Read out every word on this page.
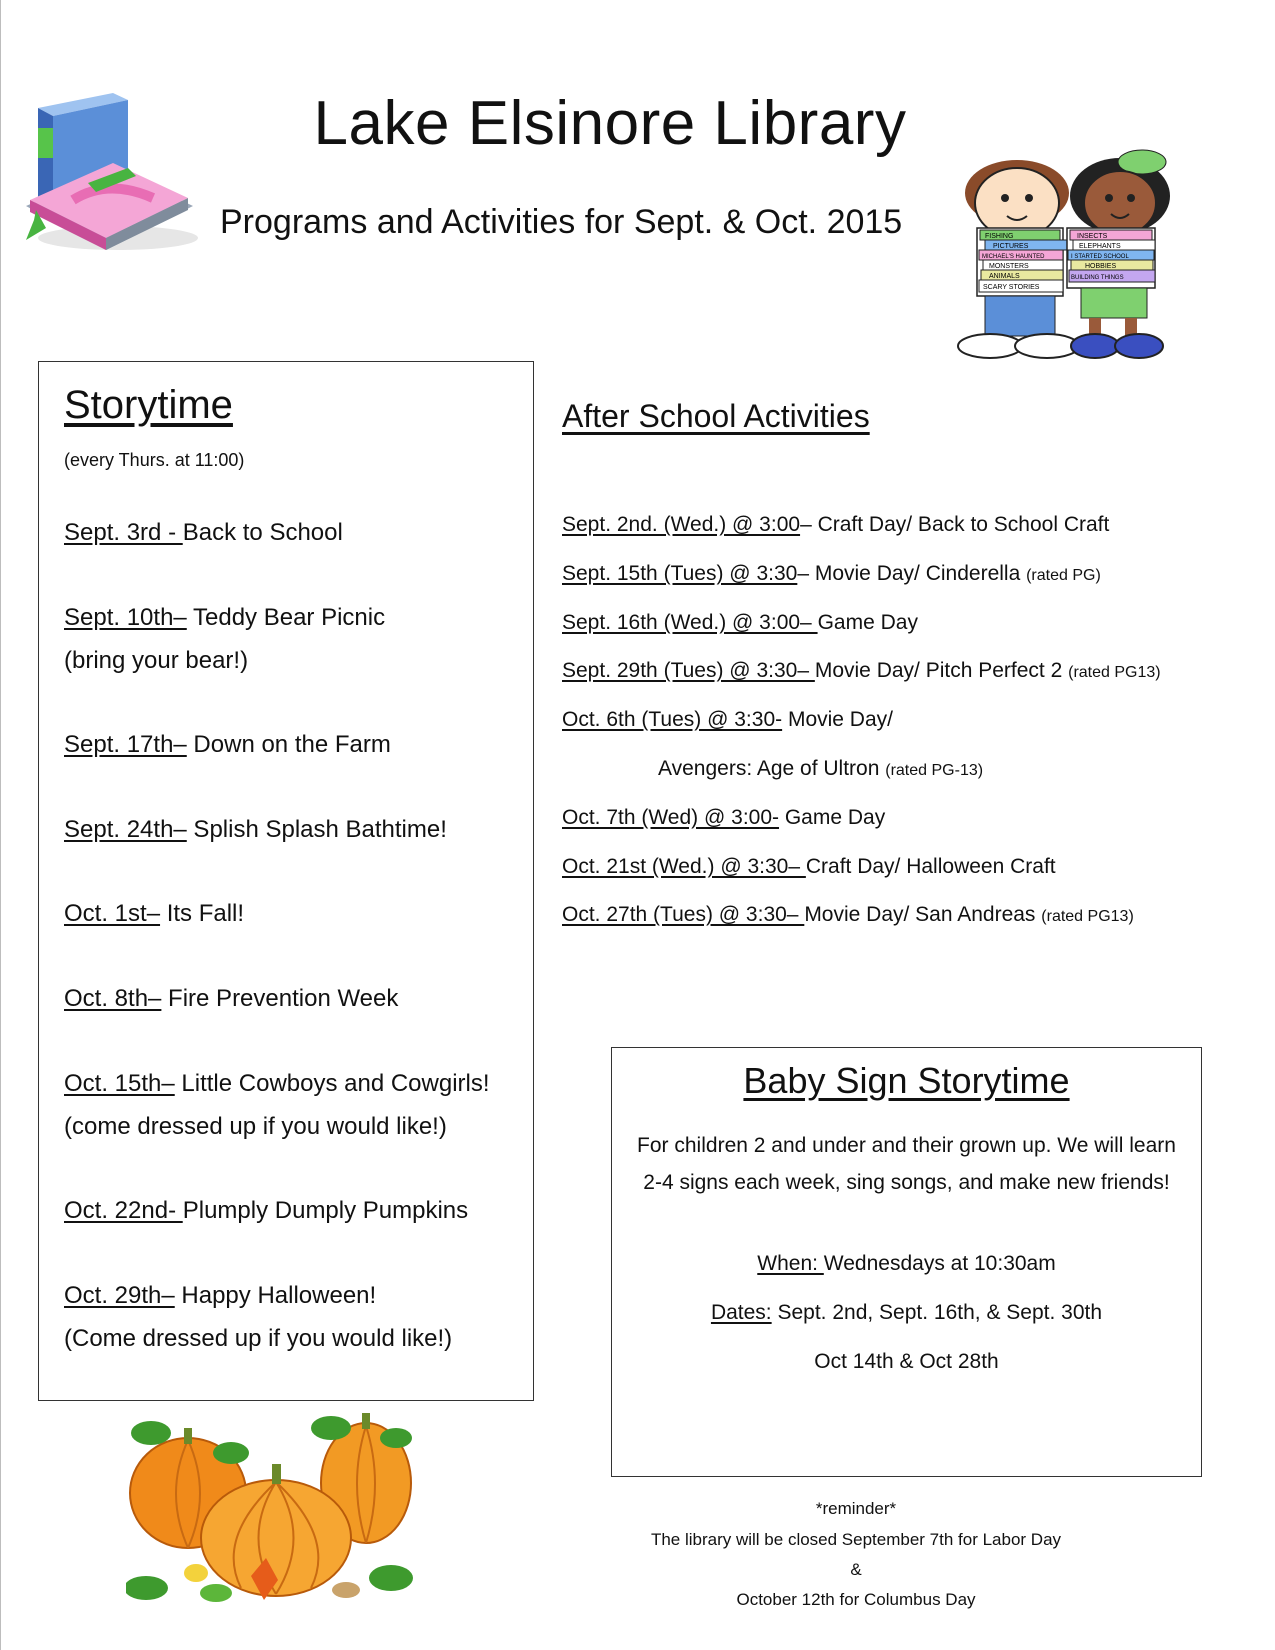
Lake Elsinore Library
Programs and Activities for Sept. & Oct. 2015	FISHING
PICTURES
MICHAEL'S HAUNTED
MONSTERS
ANIMALS
SCARY STORIES
INSECTS
ELEPHANTS
I STARTED SCHOOL
HOBBIES
BUILDING THINGS
Storytime
(every Thurs. at 11:00)
Sept. 3rd - Back to School
Sept. 10th– Teddy Bear Picnic
(bring your bear!)
Sept. 17th– Down on the Farm
Sept. 24th– Splish Splash Bathtime!
Oct. 1st– Its Fall!
Oct. 8th– Fire Prevention Week
Oct. 15th– Little Cowboys and Cowgirls!
(come dressed up if you would like!)
Oct. 22nd- Plumply Dumply Pumpkins
Oct. 29th– Happy Halloween!
(Come dressed up if you would like!)
After School Activities
Sept. 2nd. (Wed.) @ 3:00– Craft Day/ Back to School Craft
Sept. 15th (Tues) @ 3:30– Movie Day/ Cinderella (rated PG)
Sept. 16th (Wed.) @ 3:00– Game Day
Sept. 29th (Tues) @ 3:30– Movie Day/ Pitch Perfect 2 (rated PG13)
Oct. 6th (Tues) @ 3:30- Movie Day/
Avengers: Age of Ultron (rated PG-13)
Oct. 7th (Wed) @ 3:00- Game Day
Oct. 21st (Wed.) @ 3:30– Craft Day/ Halloween Craft
Oct. 27th (Tues) @ 3:30– Movie Day/ San Andreas (rated PG13)
Baby Sign Storytime
For children 2 and under and their grown up. We will learn 2-4 signs each week, sing songs, and make new friends!
When: Wednesdays at 10:30am
Dates: Sept. 2nd, Sept. 16th, & Sept. 30th
Oct 14th & Oct 28th
*reminder*
The library will be closed September 7th for Labor Day
&
October 12th for Columbus Day
